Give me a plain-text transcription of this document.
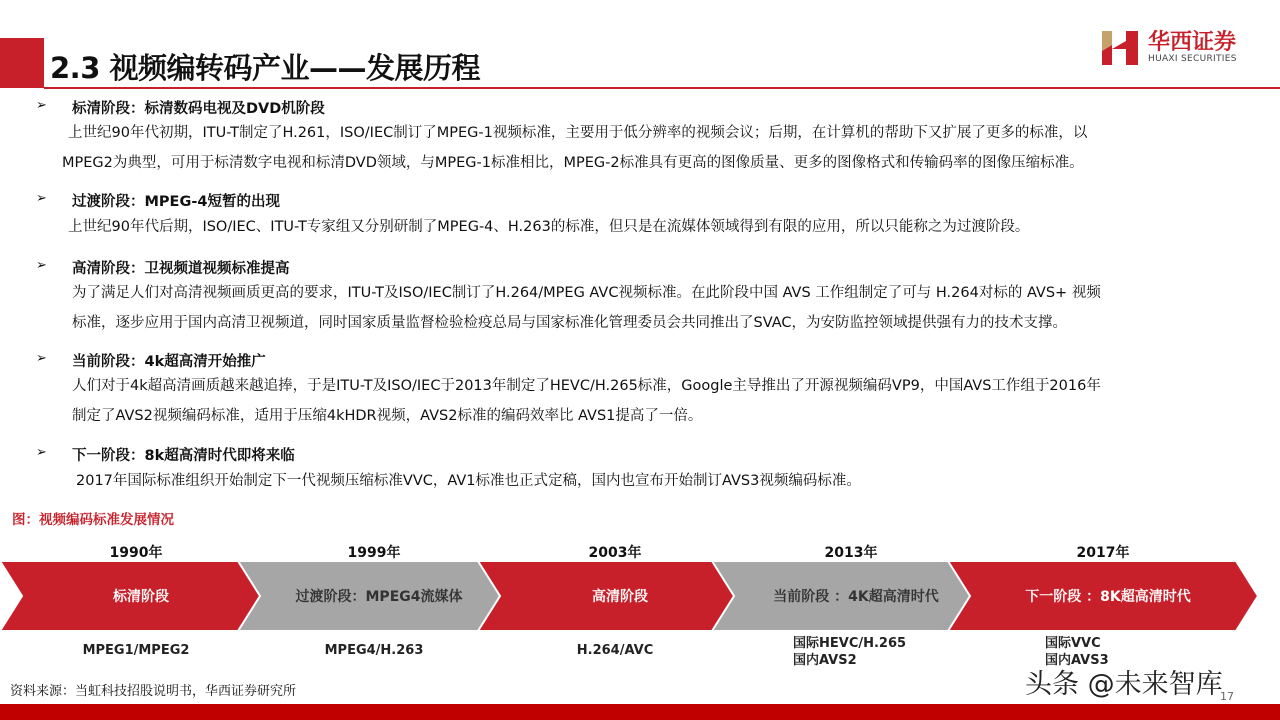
2.3 视频编转码产业——发展历程
华西证券
HUAXI SECURITIES
➢ 标清阶段：标清数码电视及DVD机阶段
上世纪90年代初期，ITU-T制定了H.261，ISO/IEC制订了MPEG-1视频标准，主要用于低分辨率的视频会议；后期，在计算机的帮助下又扩展了更多的标准，以
MPEG2为典型，可用于标清数字电视和标清DVD领域，与MPEG-1标准相比，MPEG-2标准具有更高的图像质量、更多的图像格式和传输码率的图像压缩标准。
➢ 过渡阶段：MPEG-4短暂的出现
上世纪90年代后期，ISO/IEC、ITU-T专家组又分别研制了MPEG-4、H.263的标准，但只是在流媒体领域得到有限的应用，所以只能称之为过渡阶段。
➢ 高清阶段：卫视频道视频标准提高
为了满足人们对高清视频画质更高的要求，ITU-T及ISO/IEC制订了H.264/MPEG AVC视频标准。在此阶段中国 AVS 工作组制定了可与 H.264对标的 AVS+ 视频
标准，逐步应用于国内高清卫视频道，同时国家质量监督检验检疫总局与国家标准化管理委员会共同推出了SVAC，为安防监控领域提供强有力的技术支撑。
➢ 当前阶段：4k超高清开始推广
人们对于4k超高清画质越来越追捧，于是ITU-T及ISO/IEC于2013年制定了HEVC/H.265标准，Google主导推出了开源视频编码VP9，中国AVS工作组于2016年
制定了AVS2视频编码标准，适用于压缩4kHDR视频，AVS2标准的编码效率比 AVS1提高了一倍。
➢ 下一阶段：8k超高清时代即将来临
2017年国际标准组织开始制定下一代视频压缩标准VVC，AV1标准也正式定稿，国内也宣布开始制订AVS3视频编码标准。
图：视频编码标准发展情况
1990年
标清阶段
MPEG1/MPEG2
1999年
过渡阶段：MPEG4流媒体
MPEG4/H.263
2003年
高清阶段
H.264/AVC
2013年
当前阶段 ：4K超高清时代
国际HEVC/H.265
国内AVS2
2017年
下一阶段 ：8K超高清时代
国际VVC
国内AVS3
资料来源：当虹科技招股说明书，华西证券研究所	17
头条 @未来智库
